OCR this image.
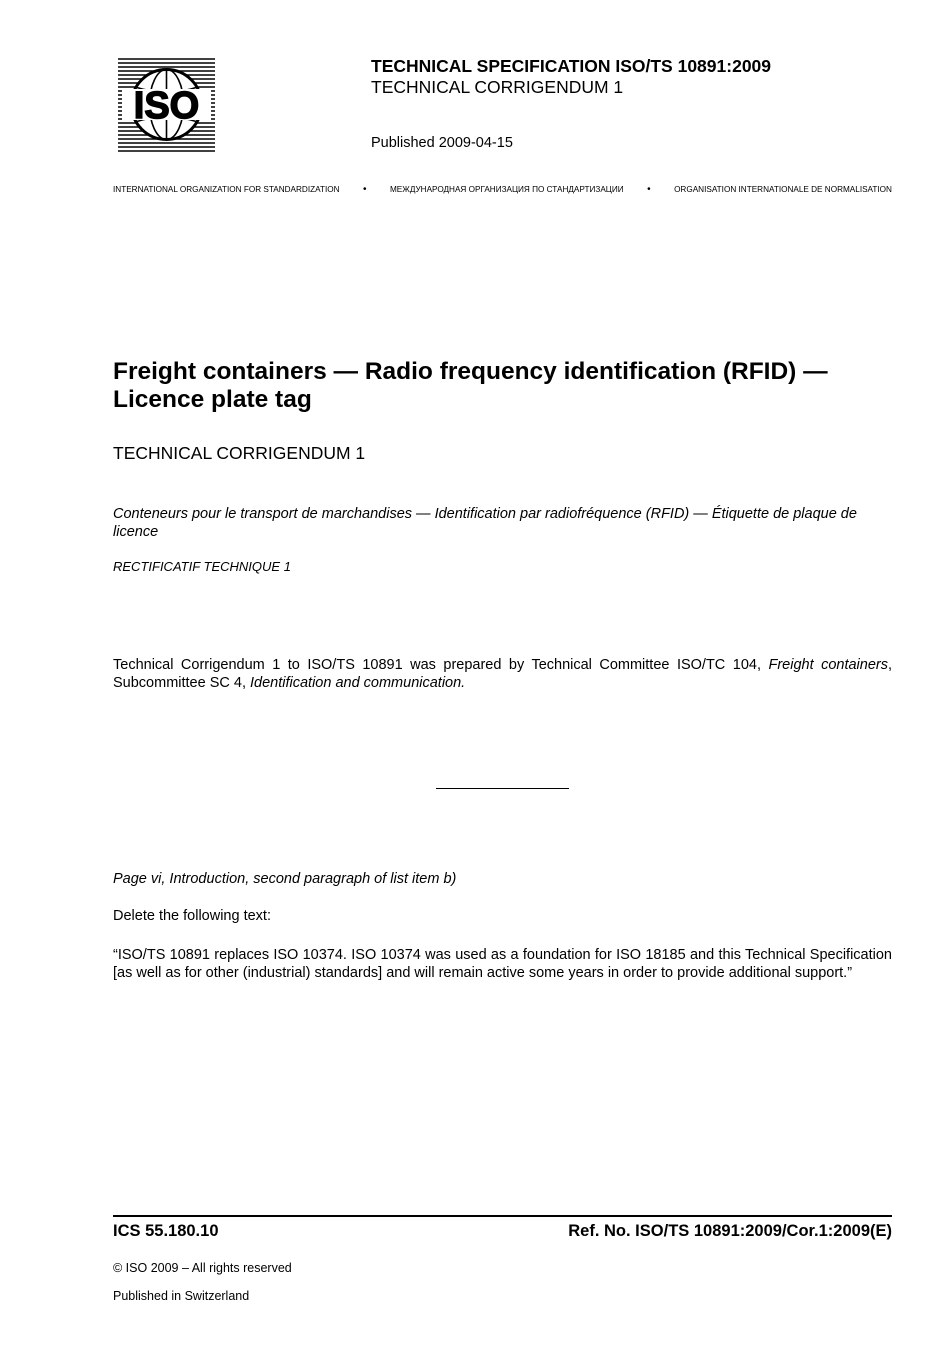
ISO
TECHNICAL SPECIFICATION ISO/TS 10891:2009
TECHNICAL CORRIGENDUM 1
Published 2009-04-15
INTERNATIONAL ORGANIZATION FOR STANDARDIZATION •	МЕЖДУНАРОДНАЯ ОРГАНИЗАЦИЯ ПО СТАНДАРТИЗАЦИИ •	ORGANISATION INTERNATIONALE DE NORMALISATION
Freight containers — Radio frequency identification (RFID) —
Licence plate tag
TECHNICAL CORRIGENDUM 1
Conteneurs pour le transport de marchandises — Identification par radiofréquence (RFID) — Étiquette de plaque de licence
RECTIFICATIF TECHNIQUE 1
Technical Corrigendum 1 to ISO/TS 10891 was prepared by Technical Committee ISO/TC 104, Freight containers, Subcommittee SC 4, Identification and communication.
Page vi, Introduction, second paragraph of list item b)
Delete the following text:
“ISO/TS 10891 replaces ISO 10374. ISO 10374 was used as a foundation for ISO 18185 and this Technical Specification [as well as for other (industrial) standards] and will remain active some years in order to provide additional support.”
ICS 55.180.10	Ref. No. ISO/TS 10891:2009/Cor.1:2009(E)
© ISO 2009 – All rights reserved
Published in Switzerland
